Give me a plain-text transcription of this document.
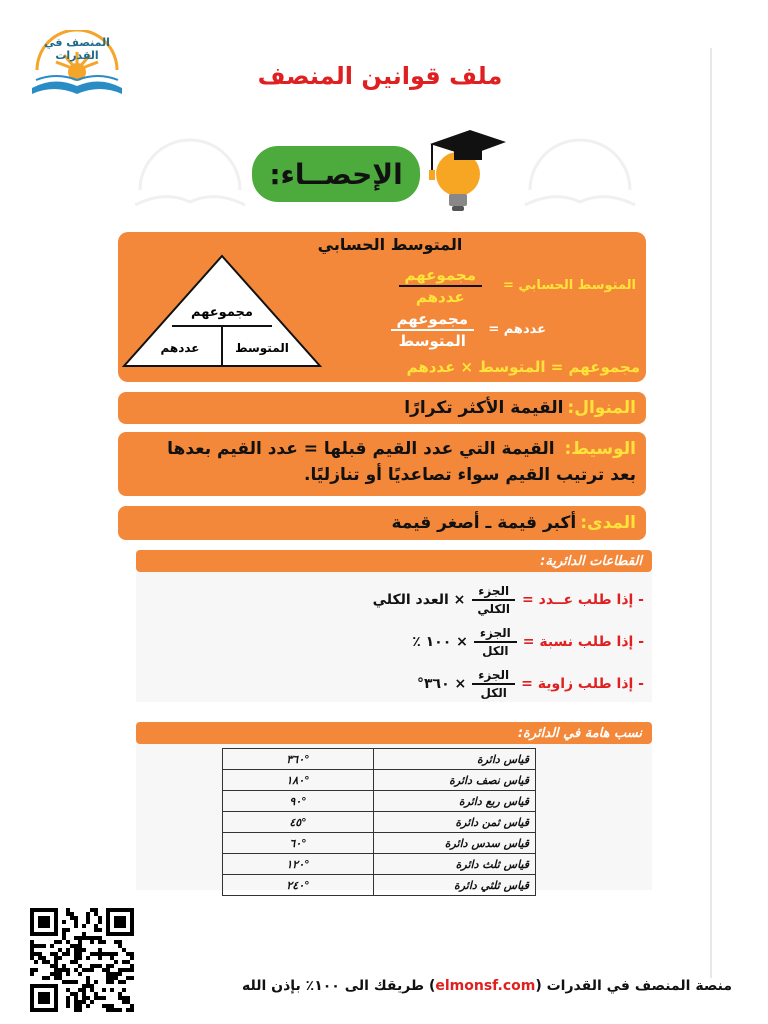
المنصف في القدرات
ملف قوانين المنصف
الإحصــاء:
المتوسط الحسابي
مجموعهم
عددهم	المتوسط
المتوسط الحسابي =
$\frac{\text{مجموعهم}}{\text{عددهم}}$
عددهم =
$\frac{\text{مجموعهم}}{\text{المتوسط}}$
مجموعهم = المتوسط × عددهم
المنوال:
القيمة الأكثر تكرارًا
الوسيط: القيمة التي عدد القيم قبلها = عدد القيم بعدها
بعد ترتيب القيم سواء تصاعديًا أو تنازليًا.
المدى:
أكبر قيمة ـ أصغر قيمة
- إذا طلب عــدد =
$\frac{\text{الجزء}}{\text{الكلي}}$
× العدد الكلي
- إذا طلب نسبة =
$\frac{\text{الجزء}}{\text{الكل}}$
× ١٠٠ ٪
- إذا طلب زاوية =
$\frac{\text{الجزء}}{\text{الكل}}$
× ٣٦٠°
القطاعات الدائرية:
نسب هامة في الدائرة:
قياس دائرة	°٣٦٠
قياس نصف دائرة	°١٨٠
قياس ربع دائرة	°٩٠
قياس ثمن دائرة	°٤٥
قياس سدس دائرة	°٦٠
قياس ثلث دائرة	°١٢٠
قياس ثلثي دائرة	°٢٤٠
منصة المنصف في القدرات (elmonsf.com) طريقك الى ١٠٠٪ بإذن الله
